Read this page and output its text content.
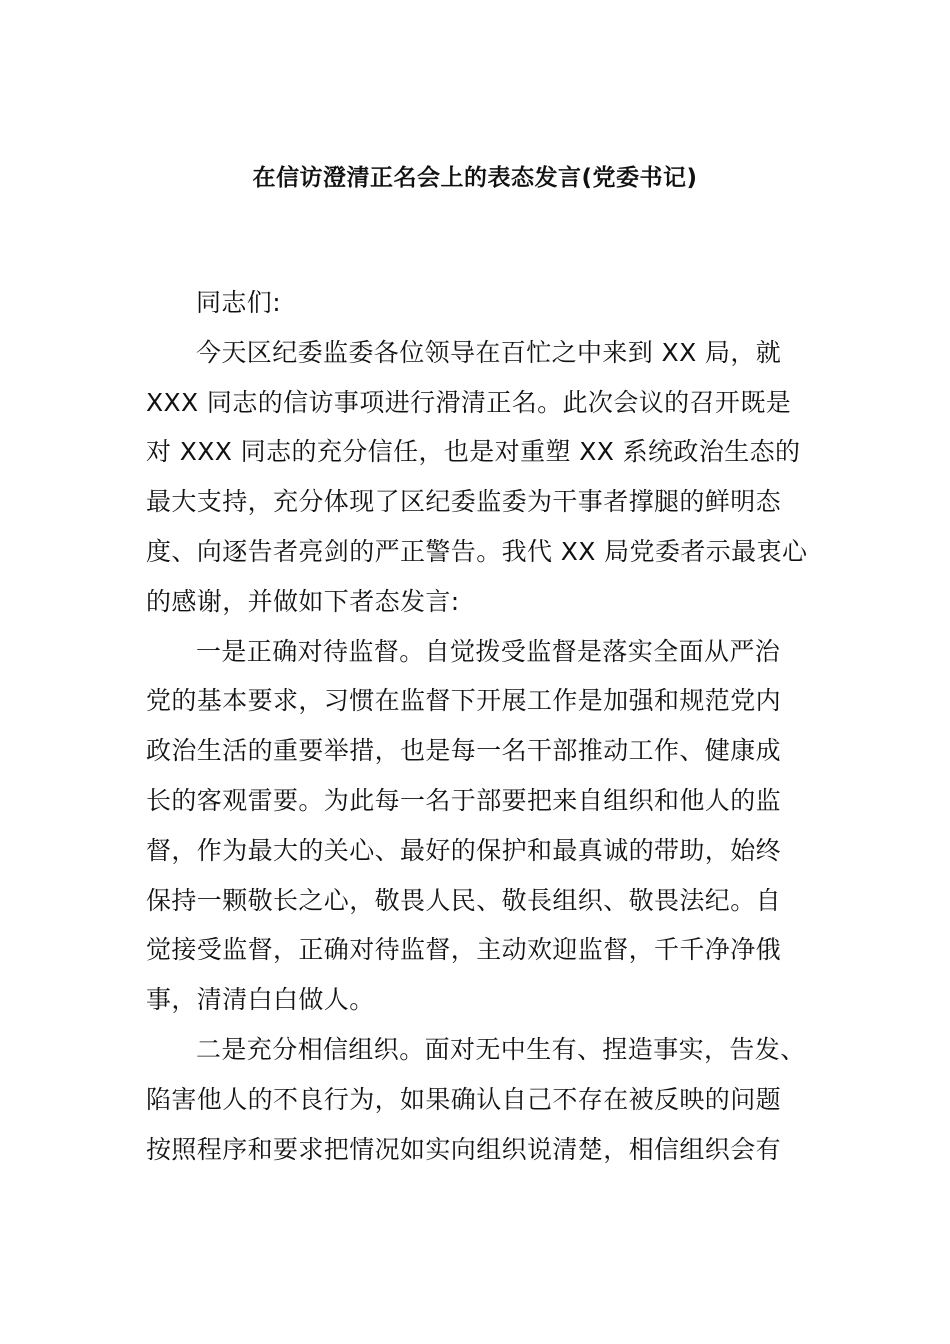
在信访澄清正名会上的表态发言(党委书记)
同志们:
今天区纪委监委各位领导在百忙之中来到 XX 局，就
XXX 同志的信访事项进行滑清正名。此次会议的召开既是
对 XXX 同志的充分信任，也是对重塑 XX 系统政治生态的
最大支持，充分体现了区纪委监委为干事者撑腿的鲜明态
度、向逐告者亮剑的严正警告。我代 XX 局党委者示最衷心
的感谢，并做如下者态发言:
一是正确对待监督。自觉拨受监督是落实全面从严治
党的基本要求，习惯在监督下开展工作是加强和规范党内
政治生活的重要举措，也是每一名干部推动工作、健康成
长的客观雷要。为此每一名于部要把来自组织和他人的监
督，作为最大的关心、最好的保护和最真诚的带助，始终
保持一颗敬长之心，敬畏人民、敬長组织、敬畏法纪。自
觉接受监督，正确对待监督，主动欢迎监督，千千净净俄
事，清清白白做人。
二是充分相信组织。面对无中生有、捏造事实，告发、
陷害他人的不良行为，如果确认自己不存在被反映的问题
按照程序和要求把情况如实向组织说清楚，相信组织会有
